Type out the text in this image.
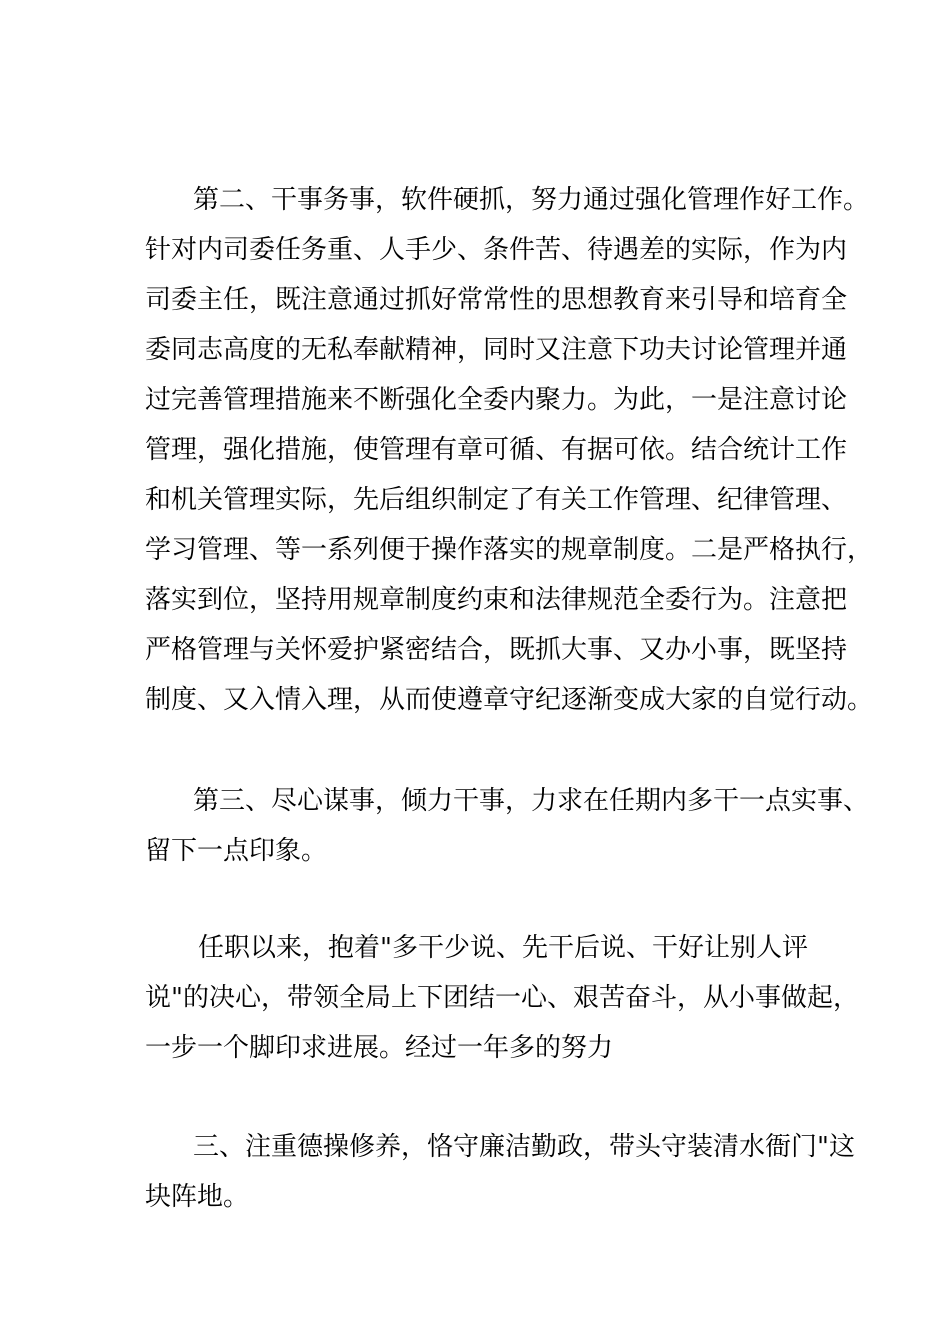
第二、干事务事，软件硬抓，努力通过强化管理作好工作。

针对内司委任务重、人手少、条件苦、待遇差的实际，作为内

司委主任，既注意通过抓好常常性的思想教育来引导和培育全

委同志高度的无私奉献精神，同时又注意下功夫讨论管理并通

过完善管理措施来不断强化全委内聚力。为此，一是注意讨论

管理，强化措施，使管理有章可循、有据可依。结合统计工作

和机关管理实际，先后组织制定了有关工作管理、纪律管理、

学习管理、等一系列便于操作落实的规章制度。二是严格执行，

落实到位，坚持用规章制度约束和法律规范全委行为。注意把

严格管理与关怀爱护紧密结合，既抓大事、又办小事，既坚持

制度、又入情入理，从而使遵章守纪逐渐变成大家的自觉行动。

第三、尽心谋事，倾力干事，力求在任期内多干一点实事、

留下一点印象。

任职以来，抱着"多干少说、先干后说、干好让别人评

说"的决心，带领全局上下团结一心、艰苦奋斗，从小事做起，

一步一个脚印求进展。经过一年多的努力

三、注重德操修养，恪守廉洁勤政，带头守装清水衙门"这

块阵地。
